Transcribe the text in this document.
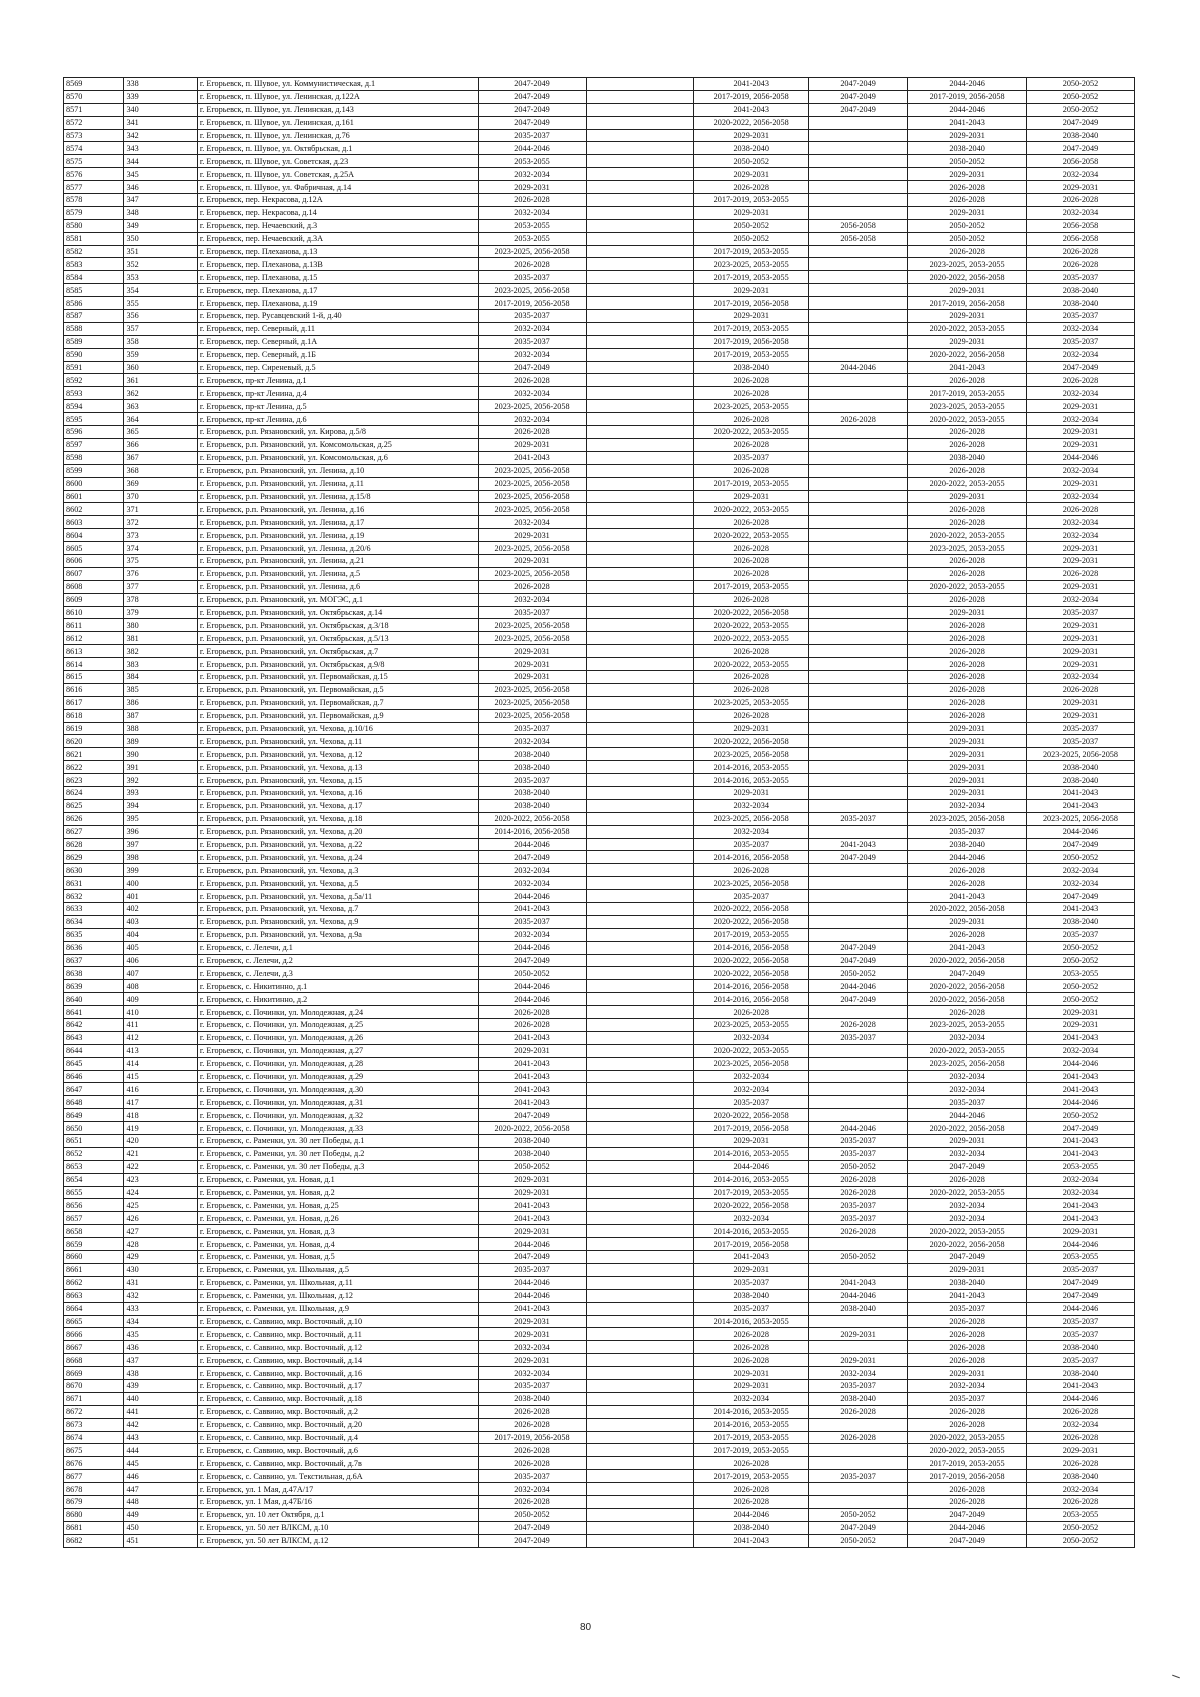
8569	338	г. Егорьевск, п. Шувое, ул. Коммунистическая, д.1	2047-2049		2041-2043	2047-2049	2044-2046	2050-2052
8570	339	г. Егорьевск, п. Шувое, ул. Ленинская, д.122А	2047-2049		2017-2019, 2056-2058	2047-2049	2017-2019, 2056-2058	2050-2052
8571	340	г. Егорьевск, п. Шувое, ул. Ленинская, д.143	2047-2049		2041-2043	2047-2049	2044-2046	2050-2052
8572	341	г. Егорьевск, п. Шувое, ул. Ленинская, д.161	2047-2049		2020-2022, 2056-2058		2041-2043	2047-2049
8573	342	г. Егорьевск, п. Шувое, ул. Ленинская, д.76	2035-2037		2029-2031		2029-2031	2038-2040
8574	343	г. Егорьевск, п. Шувое, ул. Октябрьская, д.1	2044-2046		2038-2040		2038-2040	2047-2049
8575	344	г. Егорьевск, п. Шувое, ул. Советская, д.23	2053-2055		2050-2052		2050-2052	2056-2058
8576	345	г. Егорьевск, п. Шувое, ул. Советская, д.25А	2032-2034		2029-2031		2029-2031	2032-2034
8577	346	г. Егорьевск, п. Шувое, ул. Фабричная, д.14	2029-2031		2026-2028		2026-2028	2029-2031
8578	347	г. Егорьевск, пер. Некрасова, д.12А	2026-2028		2017-2019, 2053-2055		2026-2028	2026-2028
8579	348	г. Егорьевск, пер. Некрасова, д.14	2032-2034		2029-2031		2029-2031	2032-2034
8580	349	г. Егорьевск, пер. Нечаевский, д.3	2053-2055		2050-2052	2056-2058	2050-2052	2056-2058
8581	350	г. Егорьевск, пер. Нечаевский, д.3А	2053-2055		2050-2052	2056-2058	2050-2052	2056-2058
8582	351	г. Егорьевск, пер. Плеханова, д.13	2023-2025, 2056-2058		2017-2019, 2053-2055		2026-2028	2026-2028
8583	352	г. Егорьевск, пер. Плеханова, д.13В	2026-2028		2023-2025, 2053-2055		2023-2025, 2053-2055	2026-2028
8584	353	г. Егорьевск, пер. Плеханова, д.15	2035-2037		2017-2019, 2053-2055		2020-2022, 2056-2058	2035-2037
8585	354	г. Егорьевск, пер. Плеханова, д.17	2023-2025, 2056-2058		2029-2031		2029-2031	2038-2040
8586	355	г. Егорьевск, пер. Плеханова, д.19	2017-2019, 2056-2058		2017-2019, 2056-2058		2017-2019, 2056-2058	2038-2040
8587	356	г. Егорьевск, пер. Русавцевский 1-й, д.40	2035-2037		2029-2031		2029-2031	2035-2037
8588	357	г. Егорьевск, пер. Северный, д.11	2032-2034		2017-2019, 2053-2055		2020-2022, 2053-2055	2032-2034
8589	358	г. Егорьевск, пер. Северный, д.1А	2035-2037		2017-2019, 2056-2058		2029-2031	2035-2037
8590	359	г. Егорьевск, пер. Северный, д.1Б	2032-2034		2017-2019, 2053-2055		2020-2022, 2056-2058	2032-2034
8591	360	г. Егорьевск, пер. Сиреневый, д.5	2047-2049		2038-2040	2044-2046	2041-2043	2047-2049
8592	361	г. Егорьевск, пр-кт Ленина, д.1	2026-2028		2026-2028		2026-2028	2026-2028
8593	362	г. Егорьевск, пр-кт Ленина, д.4	2032-2034		2026-2028		2017-2019, 2053-2055	2032-2034
8594	363	г. Егорьевск, пр-кт Ленина, д.5	2023-2025, 2056-2058		2023-2025, 2053-2055		2023-2025, 2053-2055	2029-2031
8595	364	г. Егорьевск, пр-кт Ленина, д.6	2032-2034		2026-2028	2026-2028	2020-2022, 2053-2055	2032-2034
8596	365	г. Егорьевск, р.п. Рязановский, ул. Кирова, д.5/8	2026-2028		2020-2022, 2053-2055		2026-2028	2029-2031
8597	366	г. Егорьевск, р.п. Рязановский, ул. Комсомольская, д.25	2029-2031		2026-2028		2026-2028	2029-2031
8598	367	г. Егорьевск, р.п. Рязановский, ул. Комсомольская, д.6	2041-2043		2035-2037		2038-2040	2044-2046
8599	368	г. Егорьевск, р.п. Рязановский, ул. Ленина, д.10	2023-2025, 2056-2058		2026-2028		2026-2028	2032-2034
8600	369	г. Егорьевск, р.п. Рязановский, ул. Ленина, д.11	2023-2025, 2056-2058		2017-2019, 2053-2055		2020-2022, 2053-2055	2029-2031
8601	370	г. Егорьевск, р.п. Рязановский, ул. Ленина, д.15/8	2023-2025, 2056-2058		2029-2031		2029-2031	2032-2034
8602	371	г. Егорьевск, р.п. Рязановский, ул. Ленина, д.16	2023-2025, 2056-2058		2020-2022, 2053-2055		2026-2028	2026-2028
8603	372	г. Егорьевск, р.п. Рязановский, ул. Ленина, д.17	2032-2034		2026-2028		2026-2028	2032-2034
8604	373	г. Егорьевск, р.п. Рязановский, ул. Ленина, д.19	2029-2031		2020-2022, 2053-2055		2020-2022, 2053-2055	2032-2034
8605	374	г. Егорьевск, р.п. Рязановский, ул. Ленина, д.20/6	2023-2025, 2056-2058		2026-2028		2023-2025, 2053-2055	2029-2031
8606	375	г. Егорьевск, р.п. Рязановский, ул. Ленина, д.21	2029-2031		2026-2028		2026-2028	2029-2031
8607	376	г. Егорьевск, р.п. Рязановский, ул. Ленина, д.5	2023-2025, 2056-2058		2026-2028		2026-2028	2026-2028
8608	377	г. Егорьевск, р.п. Рязановский, ул. Ленина, д.6	2026-2028		2017-2019, 2053-2055		2020-2022, 2053-2055	2029-2031
8609	378	г. Егорьевск, р.п. Рязановский, ул. МОГЭС, д.1	2032-2034		2026-2028		2026-2028	2032-2034
8610	379	г. Егорьевск, р.п. Рязановский, ул. Октябрьская, д.14	2035-2037		2020-2022, 2056-2058		2029-2031	2035-2037
8611	380	г. Егорьевск, р.п. Рязановский, ул. Октябрьская, д.3/18	2023-2025, 2056-2058		2020-2022, 2053-2055		2026-2028	2029-2031
8612	381	г. Егорьевск, р.п. Рязановский, ул. Октябрьская, д.5/13	2023-2025, 2056-2058		2020-2022, 2053-2055		2026-2028	2029-2031
8613	382	г. Егорьевск, р.п. Рязановский, ул. Октябрьская, д.7	2029-2031		2026-2028		2026-2028	2029-2031
8614	383	г. Егорьевск, р.п. Рязановский, ул. Октябрьская, д.9/8	2029-2031		2020-2022, 2053-2055		2026-2028	2029-2031
8615	384	г. Егорьевск, р.п. Рязановский, ул. Первомайская, д.15	2029-2031		2026-2028		2026-2028	2032-2034
8616	385	г. Егорьевск, р.п. Рязановский, ул. Первомайская, д.5	2023-2025, 2056-2058		2026-2028		2026-2028	2026-2028
8617	386	г. Егорьевск, р.п. Рязановский, ул. Первомайская, д.7	2023-2025, 2056-2058		2023-2025, 2053-2055		2026-2028	2029-2031
8618	387	г. Егорьевск, р.п. Рязановский, ул. Первомайская, д.9	2023-2025, 2056-2058		2026-2028		2026-2028	2029-2031
8619	388	г. Егорьевск, р.п. Рязановский, ул. Чехова, д.10/16	2035-2037		2029-2031		2029-2031	2035-2037
8620	389	г. Егорьевск, р.п. Рязановский, ул. Чехова, д.11	2032-2034		2020-2022, 2056-2058		2029-2031	2035-2037
8621	390	г. Егорьевск, р.п. Рязановский, ул. Чехова, д.12	2038-2040		2023-2025, 2056-2058		2029-2031	2023-2025, 2056-2058
8622	391	г. Егорьевск, р.п. Рязановский, ул. Чехова, д.13	2038-2040		2014-2016, 2053-2055		2029-2031	2038-2040
8623	392	г. Егорьевск, р.п. Рязановский, ул. Чехова, д.15	2035-2037		2014-2016, 2053-2055		2029-2031	2038-2040
8624	393	г. Егорьевск, р.п. Рязановский, ул. Чехова, д.16	2038-2040		2029-2031		2029-2031	2041-2043
8625	394	г. Егорьевск, р.п. Рязановский, ул. Чехова, д.17	2038-2040		2032-2034		2032-2034	2041-2043
8626	395	г. Егорьевск, р.п. Рязановский, ул. Чехова, д.18	2020-2022, 2056-2058		2023-2025, 2056-2058	2035-2037	2023-2025, 2056-2058	2023-2025, 2056-2058
8627	396	г. Егорьевск, р.п. Рязановский, ул. Чехова, д.20	2014-2016, 2056-2058		2032-2034		2035-2037	2044-2046
8628	397	г. Егорьевск, р.п. Рязановский, ул. Чехова, д.22	2044-2046		2035-2037	2041-2043	2038-2040	2047-2049
8629	398	г. Егорьевск, р.п. Рязановский, ул. Чехова, д.24	2047-2049		2014-2016, 2056-2058	2047-2049	2044-2046	2050-2052
8630	399	г. Егорьевск, р.п. Рязановский, ул. Чехова, д.3	2032-2034		2026-2028		2026-2028	2032-2034
8631	400	г. Егорьевск, р.п. Рязановский, ул. Чехова, д.5	2032-2034		2023-2025, 2056-2058		2026-2028	2032-2034
8632	401	г. Егорьевск, р.п. Рязановский, ул. Чехова, д.5а/11	2044-2046		2035-2037		2041-2043	2047-2049
8633	402	г. Егорьевск, р.п. Рязановский, ул. Чехова, д.7	2041-2043		2020-2022, 2056-2058		2020-2022, 2056-2058	2041-2043
8634	403	г. Егорьевск, р.п. Рязановский, ул. Чехова, д.9	2035-2037		2020-2022, 2056-2058		2029-2031	2038-2040
8635	404	г. Егорьевск, р.п. Рязановский, ул. Чехова, д.9а	2032-2034		2017-2019, 2053-2055		2026-2028	2035-2037
8636	405	г. Егорьевск, с. Лелечи, д.1	2044-2046		2014-2016, 2056-2058	2047-2049	2041-2043	2050-2052
8637	406	г. Егорьевск, с. Лелечи, д.2	2047-2049		2020-2022, 2056-2058	2047-2049	2020-2022, 2056-2058	2050-2052
8638	407	г. Егорьевск, с. Лелечи, д.3	2050-2052		2020-2022, 2056-2058	2050-2052	2047-2049	2053-2055
8639	408	г. Егорьевск, с. Никитинно, д.1	2044-2046		2014-2016, 2056-2058	2044-2046	2020-2022, 2056-2058	2050-2052
8640	409	г. Егорьевск, с. Никитинно, д.2	2044-2046		2014-2016, 2056-2058	2047-2049	2020-2022, 2056-2058	2050-2052
8641	410	г. Егорьевск, с. Починки, ул. Молодежная, д.24	2026-2028		2026-2028		2026-2028	2029-2031
8642	411	г. Егорьевск, с. Починки, ул. Молодежная, д.25	2026-2028		2023-2025, 2053-2055	2026-2028	2023-2025, 2053-2055	2029-2031
8643	412	г. Егорьевск, с. Починки, ул. Молодежная, д.26	2041-2043		2032-2034	2035-2037	2032-2034	2041-2043
8644	413	г. Егорьевск, с. Починки, ул. Молодежная, д.27	2029-2031		2020-2022, 2053-2055		2020-2022, 2053-2055	2032-2034
8645	414	г. Егорьевск, с. Починки, ул. Молодежная, д.28	2041-2043		2023-2025, 2056-2058		2023-2025, 2056-2058	2044-2046
8646	415	г. Егорьевск, с. Починки, ул. Молодежная, д.29	2041-2043		2032-2034		2032-2034	2041-2043
8647	416	г. Егорьевск, с. Починки, ул. Молодежная, д.30	2041-2043		2032-2034		2032-2034	2041-2043
8648	417	г. Егорьевск, с. Починки, ул. Молодежная, д.31	2041-2043		2035-2037		2035-2037	2044-2046
8649	418	г. Егорьевск, с. Починки, ул. Молодежная, д.32	2047-2049		2020-2022, 2056-2058		2044-2046	2050-2052
8650	419	г. Егорьевск, с. Починки, ул. Молодежная, д.33	2020-2022, 2056-2058		2017-2019, 2056-2058	2044-2046	2020-2022, 2056-2058	2047-2049
8651	420	г. Егорьевск, с. Раменки, ул. 30 лет Победы, д.1	2038-2040		2029-2031	2035-2037	2029-2031	2041-2043
8652	421	г. Егорьевск, с. Раменки, ул. 30 лет Победы, д.2	2038-2040		2014-2016, 2053-2055	2035-2037	2032-2034	2041-2043
8653	422	г. Егорьевск, с. Раменки, ул. 30 лет Победы, д.3	2050-2052		2044-2046	2050-2052	2047-2049	2053-2055
8654	423	г. Егорьевск, с. Раменки, ул. Новая, д.1	2029-2031		2014-2016, 2053-2055	2026-2028	2026-2028	2032-2034
8655	424	г. Егорьевск, с. Раменки, ул. Новая, д.2	2029-2031		2017-2019, 2053-2055	2026-2028	2020-2022, 2053-2055	2032-2034
8656	425	г. Егорьевск, с. Раменки, ул. Новая, д.25	2041-2043		2020-2022, 2056-2058	2035-2037	2032-2034	2041-2043
8657	426	г. Егорьевск, с. Раменки, ул. Новая, д.26	2041-2043		2032-2034	2035-2037	2032-2034	2041-2043
8658	427	г. Егорьевск, с. Раменки, ул. Новая, д.3	2029-2031		2014-2016, 2053-2055	2026-2028	2020-2022, 2053-2055	2029-2031
8659	428	г. Егорьевск, с. Раменки, ул. Новая, д.4	2044-2046		2017-2019, 2056-2058		2020-2022, 2056-2058	2044-2046
8660	429	г. Егорьевск, с. Раменки, ул. Новая, д.5	2047-2049		2041-2043	2050-2052	2047-2049	2053-2055
8661	430	г. Егорьевск, с. Раменки, ул. Школьная, д.5	2035-2037		2029-2031		2029-2031	2035-2037
8662	431	г. Егорьевск, с. Раменки, ул. Школьная, д.11	2044-2046		2035-2037	2041-2043	2038-2040	2047-2049
8663	432	г. Егорьевск, с. Раменки, ул. Школьная, д.12	2044-2046		2038-2040	2044-2046	2041-2043	2047-2049
8664	433	г. Егорьевск, с. Раменки, ул. Школьная, д.9	2041-2043		2035-2037	2038-2040	2035-2037	2044-2046
8665	434	г. Егорьевск, с. Саввино, мкр. Восточный, д.10	2029-2031		2014-2016, 2053-2055		2026-2028	2035-2037
8666	435	г. Егорьевск, с. Саввино, мкр. Восточный, д.11	2029-2031		2026-2028	2029-2031	2026-2028	2035-2037
8667	436	г. Егорьевск, с. Саввино, мкр. Восточный, д.12	2032-2034		2026-2028		2026-2028	2038-2040
8668	437	г. Егорьевск, с. Саввино, мкр. Восточный, д.14	2029-2031		2026-2028	2029-2031	2026-2028	2035-2037
8669	438	г. Егорьевск, с. Саввино, мкр. Восточный, д.16	2032-2034		2029-2031	2032-2034	2029-2031	2038-2040
8670	439	г. Егорьевск, с. Саввино, мкр. Восточный, д.17	2035-2037		2029-2031	2035-2037	2032-2034	2041-2043
8671	440	г. Егорьевск, с. Саввино, мкр. Восточный, д.18	2038-2040		2032-2034	2038-2040	2035-2037	2044-2046
8672	441	г. Егорьевск, с. Саввино, мкр. Восточный, д.2	2026-2028		2014-2016, 2053-2055	2026-2028	2026-2028	2026-2028
8673	442	г. Егорьевск, с. Саввино, мкр. Восточный, д.20	2026-2028		2014-2016, 2053-2055		2026-2028	2032-2034
8674	443	г. Егорьевск, с. Саввино, мкр. Восточный, д.4	2017-2019, 2056-2058		2017-2019, 2053-2055	2026-2028	2020-2022, 2053-2055	2026-2028
8675	444	г. Егорьевск, с. Саввино, мкр. Восточный, д.6	2026-2028		2017-2019, 2053-2055		2020-2022, 2053-2055	2029-2031
8676	445	г. Егорьевск, с. Саввино, мкр. Восточный, д.7в	2026-2028		2026-2028		2017-2019, 2053-2055	2026-2028
8677	446	г. Егорьевск, с. Саввино, ул. Текстильная, д.6А	2035-2037		2017-2019, 2053-2055	2035-2037	2017-2019, 2056-2058	2038-2040
8678	447	г. Егорьевск, ул. 1 Мая, д.47А/17	2032-2034		2026-2028		2026-2028	2032-2034
8679	448	г. Егорьевск, ул. 1 Мая, д.47Б/16	2026-2028		2026-2028		2026-2028	2026-2028
8680	449	г. Егорьевск, ул. 10 лет Октября, д.1	2050-2052		2044-2046	2050-2052	2047-2049	2053-2055
8681	450	г. Егорьевск, ул. 50 лет ВЛКСМ, д.10	2047-2049		2038-2040	2047-2049	2044-2046	2050-2052
8682	451	г. Егорьевск, ул. 50 лет ВЛКСМ, д.12	2047-2049		2041-2043	2050-2052	2047-2049	2050-2052
80
